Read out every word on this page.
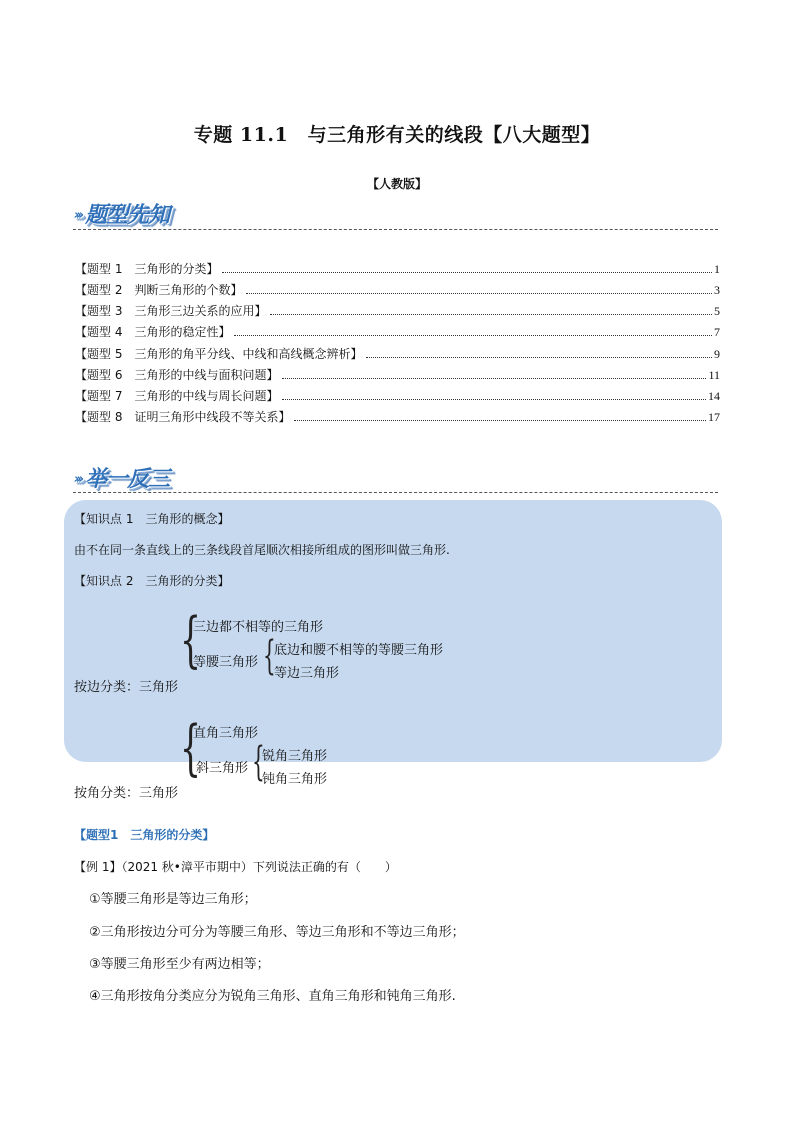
专题 11.1　与三角形有关的线段【八大题型】
【人教版】
››› 题型先知
【题型 1　三角形的分类】	1
【题型 2　判断三角形的个数】	3
【题型 3　三角形三边关系的应用】	5
【题型 4　三角形的稳定性】	7
【题型 5　三角形的角平分线、中线和高线概念辨析】	9
【题型 6　三角形的中线与面积问题】	11
【题型 7　三角形的中线与周长问题】	14
【题型 8　证明三角形中线段不等关系】	17
››› 举一反三
【知识点 1　三角形的概念】
由不在同一条直线上的三条线段首尾顺次相接所组成的图形叫做三角形.
【知识点 2　三角形的分类】
按边分类：三角形
{
三边都不相等的三角形
等腰三角形 {
底边和腰不相等的等腰三角形
等边三角形
按角分类：三角形
{
直角三角形
斜三角形 {
锐角三角形
钝角三角形
【题型1　三角形的分类】
【例 1】（2021 秋•漳平市期中）下列说法正确的有（　　）
①等腰三角形是等边三角形；
②三角形按边分可分为等腰三角形、等边三角形和不等边三角形；
③等腰三角形至少有两边相等；
④三角形按角分类应分为锐角三角形、直角三角形和钝角三角形.
